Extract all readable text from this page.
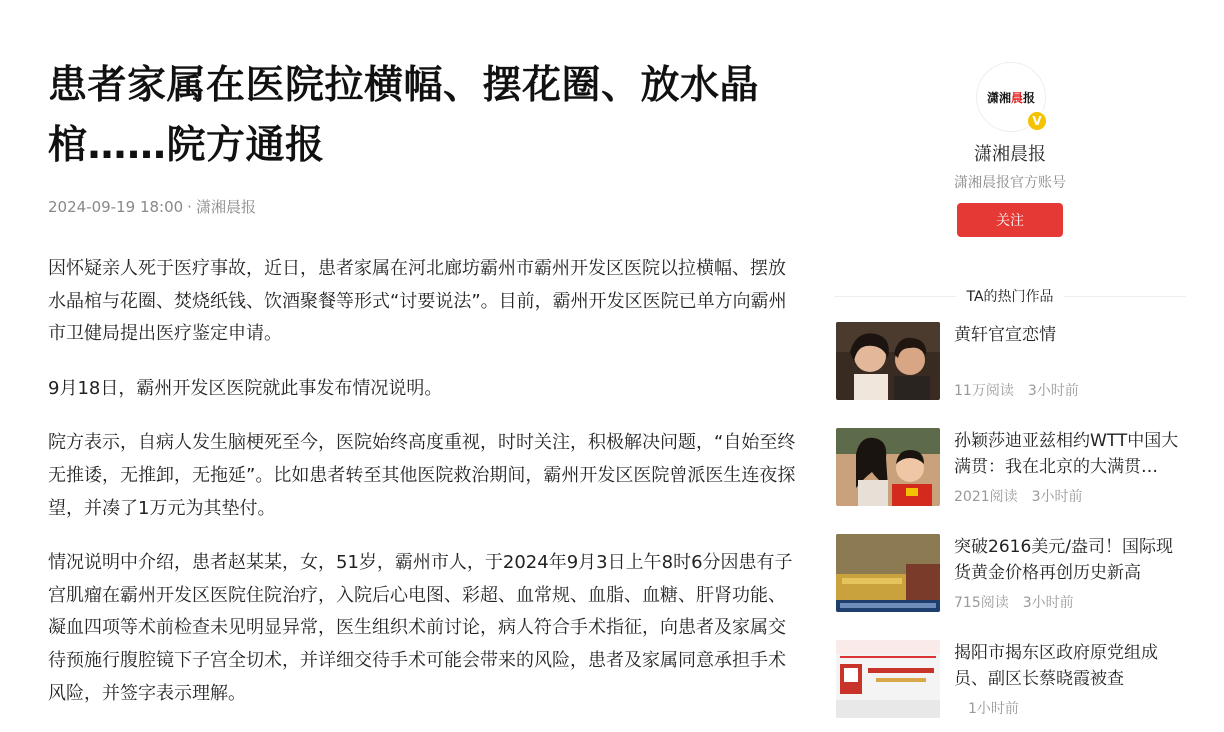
患者家属在医院拉横幅、摆花圈、放水晶棺……院方通报
2024-09-19 18:00 · 潇湘晨报

因怀疑亲人死于医疗事故，近日，患者家属在河北廊坊霸州市霸州开发区医院以拉横幅、摆放水晶棺与花圈、焚烧纸钱、饮酒聚餐等形式“讨要说法”。目前，霸州开发区医院已单方向霸州市卫健局提出医疗鉴定申请。

9月18日，霸州开发区医院就此事发布情况说明。

院方表示，自病人发生脑梗死至今，医院始终高度重视，时时关注，积极解决问题，“自始至终无推诿，无推卸，无拖延”。比如患者转至其他医院救治期间，霸州开发区医院曾派医生连夜探望，并凑了1万元为其垫付。

情况说明中介绍，患者赵某某，女，51岁，霸州市人，于2024年9月3日上午8时6分因患有子宫肌瘤在霸州开发区医院住院治疗，入院后心电图、彩超、血常规、血脂、血糖、肝肾功能、凝血四项等术前检查未见明显异常，医生组织术前讨论，病人符合手术指征，向患者及家属交待预施行腹腔镜下子宫全切术，并详细交待手术可能会带来的风险，患者及家属同意承担手术风险，并签字表示理解。

潇湘晨报
V
潇湘晨报
潇湘晨报官方账号
关注
TA的热门作品
黄轩官宣恋情
11万阅读 3小时前
孙颖莎迪亚兹相约WTT中国大满贯：我在北京的大满贯…
2021阅读 3小时前
突破2616美元/盎司！国际现货黄金价格再创历史新高
715阅读 3小时前
揭阳市揭东区政府原党组成员、副区长蔡晓霞被查
1小时前
